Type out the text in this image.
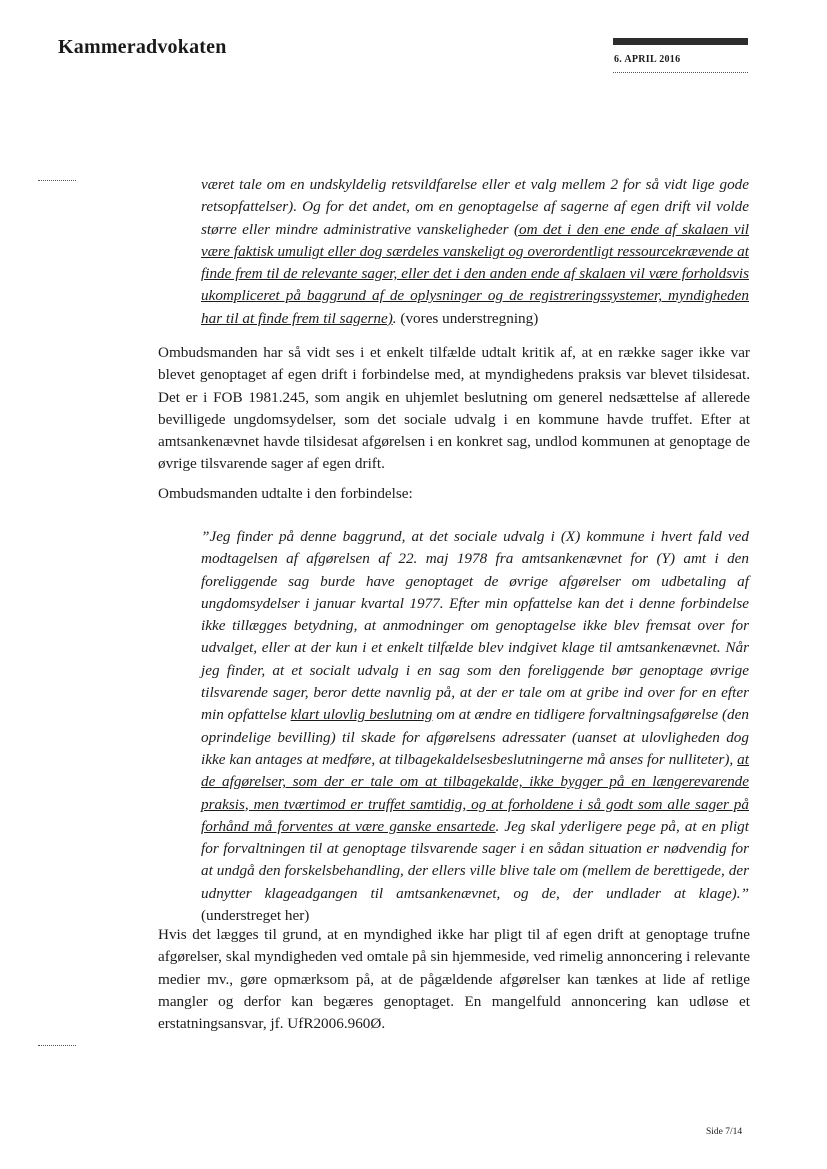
Kammeradvokaten
6. APRIL 2016

været tale om en undskyldelig retsvildfarelse eller et valg mellem 2 for så vidt lige gode retsopfattelser). Og for det andet, om en genoptagelse af sagerne af egen drift vil volde større eller mindre administrative vanskeligheder (om det i den ene ende af skalaen vil være faktisk umuligt eller dog særdeles vanskeligt og overordentligt ressourcekrævende at finde frem til de relevante sager, eller det i den anden ende af skalaen vil være forholdsvis ukompliceret på baggrund af de oplysninger og de registreringssystemer, myndigheden har til at finde frem til sagerne). (vores understregning)

Ombudsmanden har så vidt ses i et enkelt tilfælde udtalt kritik af, at en række sager ikke var blevet genoptaget af egen drift i forbindelse med, at myndighedens praksis var blevet tilsidesat. Det er i FOB 1981.245, som angik en uhjemlet beslutning om generel nedsættelse af allerede bevilligede ungdomsydelser, som det sociale udvalg i en kommune havde truffet. Efter at amtsankenævnet havde tilsidesat afgørelsen i en konkret sag, undlod kommunen at genoptage de øvrige tilsvarende sager af egen drift.

Ombudsmanden udtalte i den forbindelse:

”Jeg finder på denne baggrund, at det sociale udvalg i (X) kommune i hvert fald ved modtagelsen af afgørelsen af 22. maj 1978 fra amtsankenævnet for (Y) amt i den foreliggende sag burde have genoptaget de øvrige afgørelser om udbetaling af ungdomsydelser i januar kvartal 1977. Efter min opfattelse kan det i denne forbindelse ikke tillægges betydning, at anmodninger om genoptagelse ikke blev fremsat over for udvalget, eller at der kun i et enkelt tilfælde blev indgivet klage til amtsankenævnet. Når jeg finder, at et socialt udvalg i en sag som den foreliggende bør genoptage øvrige tilsvarende sager, beror dette navnlig på, at der er tale om at gribe ind over for en efter min opfattelse klart ulovlig beslutning om at ændre en tidligere forvaltningsafgørelse (den oprindelige bevilling) til skade for afgørelsens adressater (uanset at ulovligheden dog ikke kan antages at medføre, at tilbagekaldelsesbeslutningerne må anses for nulliteter), at de afgørelser, som der er tale om at tilbagekalde, ikke bygger på en længerevarende praksis, men tværtimod er truffet samtidig, og at forholdene i så godt som alle sager på forhånd må forventes at være ganske ensartede. Jeg skal yderligere pege på, at en pligt for forvaltningen til at genoptage tilsvarende sager i en sådan situation er nødvendig for at undgå den forskelsbehandling, der ellers ville blive tale om (mellem de berettigede, der udnytter klageadgangen til amtsankenævnet, og de, der undlader at klage).” (understreget her)

Hvis det lægges til grund, at en myndighed ikke har pligt til af egen drift at genoptage trufne afgørelser, skal myndigheden ved omtale på sin hjemmeside, ved rimelig annoncering i relevante medier mv., gøre opmærksom på, at de pågældende afgørelser kan tænkes at lide af retlige mangler og derfor kan begæres genoptaget. En mangelfuld annoncering kan udløse et erstatningsansvar, jf. UfR2006.960Ø.

Side 7/14
